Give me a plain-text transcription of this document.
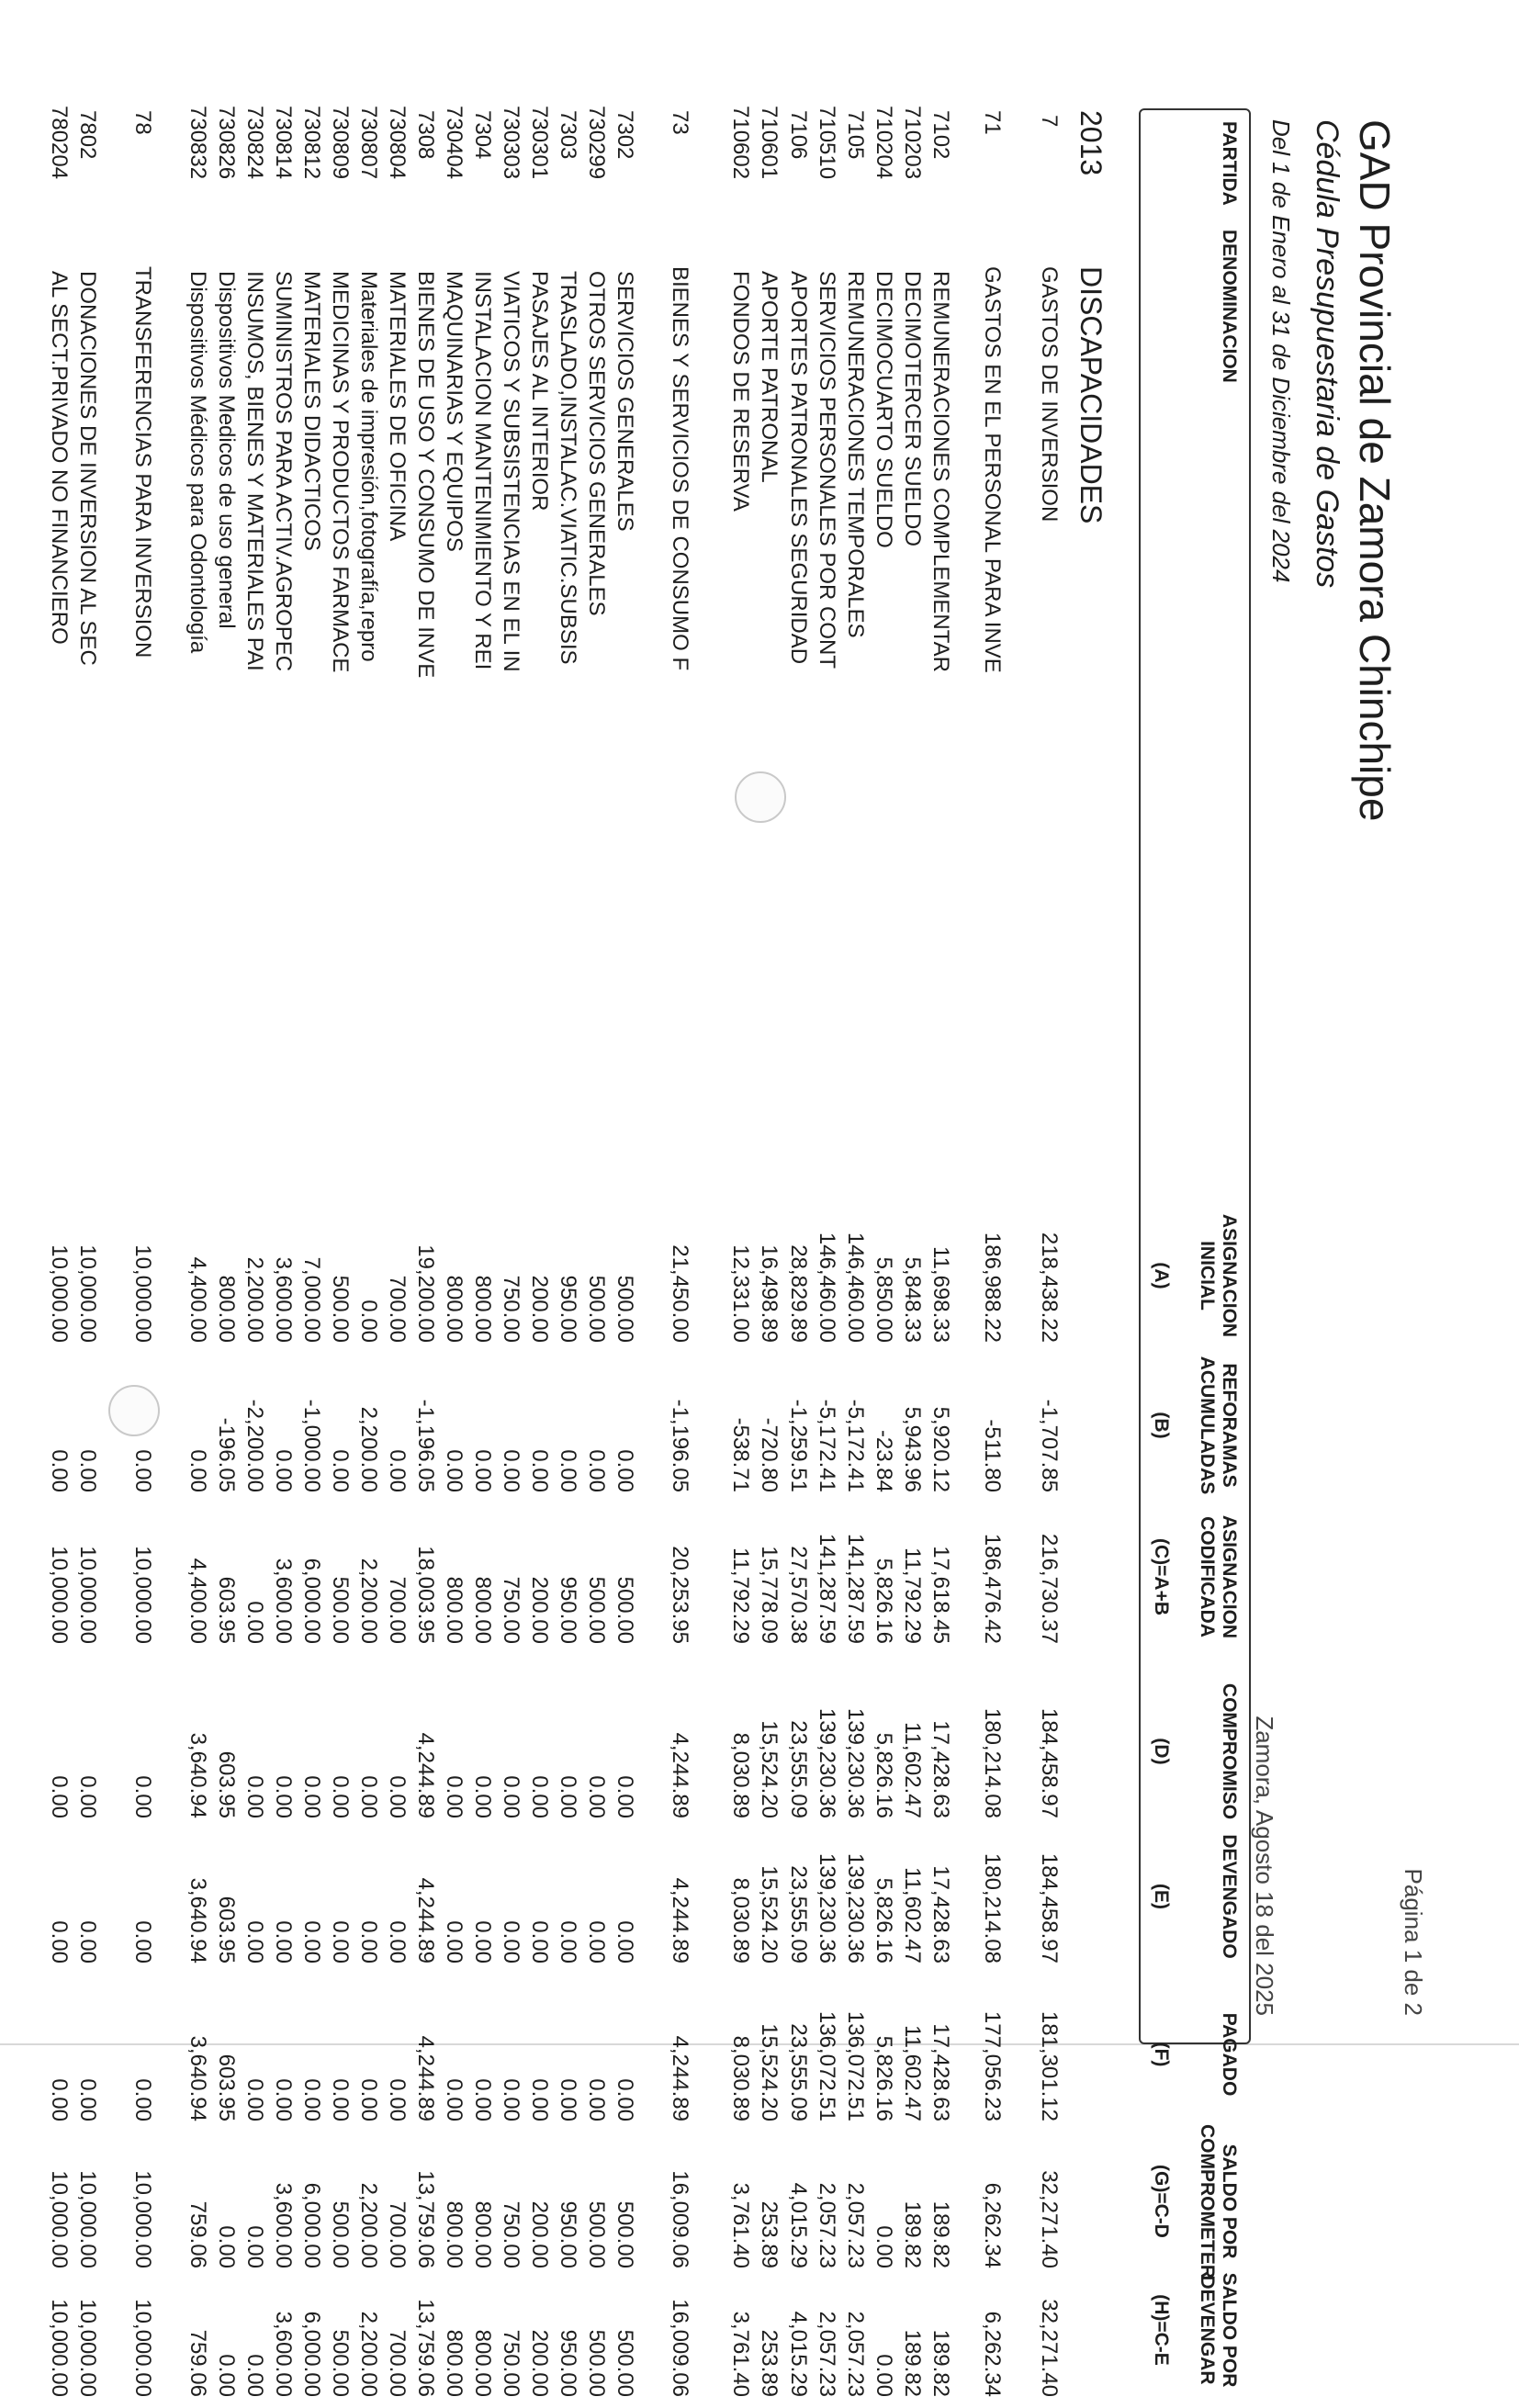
GAD Provincial de Zamora Chinchipe
Cédula Presupuestaria de Gastos
Del 1 de Enero al 31 de Diciembre del 2024
Página 1 de 2
Zamora, Agosto 18 del 2025
PARTIDA
DENOMINACION
ASIGNACION
INICIAL
(A)
REFORAMAS
ACUMULADAS
(B)
ASIGNACION
CODIFICADA
(C)=A+B
COMPROMISO
(D)
DEVENGADO
(E)
PAGADO
(F)
SALDO POR
COMPROMETER
(G)=C-D
SALDO POR
DEVENGAR
(H)=C-E
2013
DISCAPACIDADES
7
GASTOS DE INVERSION
218,438.22
-1,707.85
216,730.37
184,458.97
184,458.97
181,301.12
32,271.40
32,271.40
71
GASTOS EN EL PERSONAL PARA INVE
186,988.22
-511.80
186,476.42
180,214.08
180,214.08
177,056.23
6,262.34
6,262.34
7102
REMUNERACIONES COMPLEMENTAR
11,698.33
5,920.12
17,618.45
17,428.63
17,428.63
17,428.63
189.82
189.82
710203
DECIMOTERCER SUELDO
5,848.33
5,943.96
11,792.29
11,602.47
11,602.47
11,602.47
189.82
189.82
710204
DECIMOCUARTO SUELDO
5,850.00
-23.84
5,826.16
5,826.16
5,826.16
5,826.16
0.00
0.00
7105
REMUNERACIONES TEMPORALES
146,460.00
-5,172.41
141,287.59
139,230.36
139,230.36
136,072.51
2,057.23
2,057.23
710510
SERVICIOS PERSONALES POR CONT
146,460.00
-5,172.41
141,287.59
139,230.36
139,230.36
136,072.51
2,057.23
2,057.23
7106
APORTES PATRONALES SEGURIDAD
28,829.89
-1,259.51
27,570.38
23,555.09
23,555.09
23,555.09
4,015.29
4,015.29
710601
APORTE PATRONAL
16,498.89
-720.80
15,778.09
15,524.20
15,524.20
15,524.20
253.89
253.89
710602
FONDOS DE RESERVA
12,331.00
-538.71
11,792.29
8,030.89
8,030.89
8,030.89
3,761.40
3,761.40
73
BIENES Y SERVICIOS DE CONSUMO F
21,450.00
-1,196.05
20,253.95
4,244.89
4,244.89
4,244.89
16,009.06
16,009.06
7302
SERVICIOS GENERALES
500.00
0.00
500.00
0.00
0.00
0.00
500.00
500.00
730299
OTROS SERVICIOS GENERALES
500.00
0.00
500.00
0.00
0.00
0.00
500.00
500.00
7303
TRASLADO,INSTALAC.VIATIC.SUBSIS
950.00
0.00
950.00
0.00
0.00
0.00
950.00
950.00
730301
PASAJES AL INTERIOR
200.00
0.00
200.00
0.00
0.00
0.00
200.00
200.00
730303
VIATICOS Y SUBSISTENCIAS EN EL IN
750.00
0.00
750.00
0.00
0.00
0.00
750.00
750.00
7304
INSTALACION MANTENIMIENTO Y REI
800.00
0.00
800.00
0.00
0.00
0.00
800.00
800.00
730404
MAQUINARIAS Y EQUIPOS
800.00
0.00
800.00
0.00
0.00
0.00
800.00
800.00
7308
BIENES DE USO Y CONSUMO DE INVE
19,200.00
-1,196.05
18,003.95
4,244.89
4,244.89
4,244.89
13,759.06
13,759.06
730804
MATERIALES DE OFICINA
700.00
0.00
700.00
0.00
0.00
0.00
700.00
700.00
730807
Materiales de impresión,fotografía,repro
0.00
2,200.00
2,200.00
0.00
0.00
0.00
2,200.00
2,200.00
730809
MEDICINAS Y PRODUCTOS FARMACE
500.00
0.00
500.00
0.00
0.00
0.00
500.00
500.00
730812
MATERIALES DIDACTICOS
7,000.00
-1,000.00
6,000.00
0.00
0.00
0.00
6,000.00
6,000.00
730814
SUMINISTROS PARA ACTIV.AGROPEC
3,600.00
0.00
3,600.00
0.00
0.00
0.00
3,600.00
3,600.00
730824
INSUMOS, BIENES Y MATERIALES PAI
2,200.00
-2,200.00
0.00
0.00
0.00
0.00
0.00
0.00
730826
Dispositivos Medicos de uso general
800.00
-196.05
603.95
603.95
603.95
603.95
0.00
0.00
730832
Dispositivos Médicos para Odontología
4,400.00
0.00
4,400.00
3,640.94
3,640.94
3,640.94
759.06
759.06
78
TRANSFERENCIAS PARA INVERSION
10,000.00
0.00
10,000.00
0.00
0.00
0.00
10,000.00
10,000.00
7802
DONACIONES DE INVERSION AL SEC
10,000.00
0.00
10,000.00
0.00
0.00
0.00
10,000.00
10,000.00
780204
AL SECT.PRIVADO NO FINANCIERO
10,000.00
0.00
10,000.00
0.00
0.00
0.00
10,000.00
10,000.00
